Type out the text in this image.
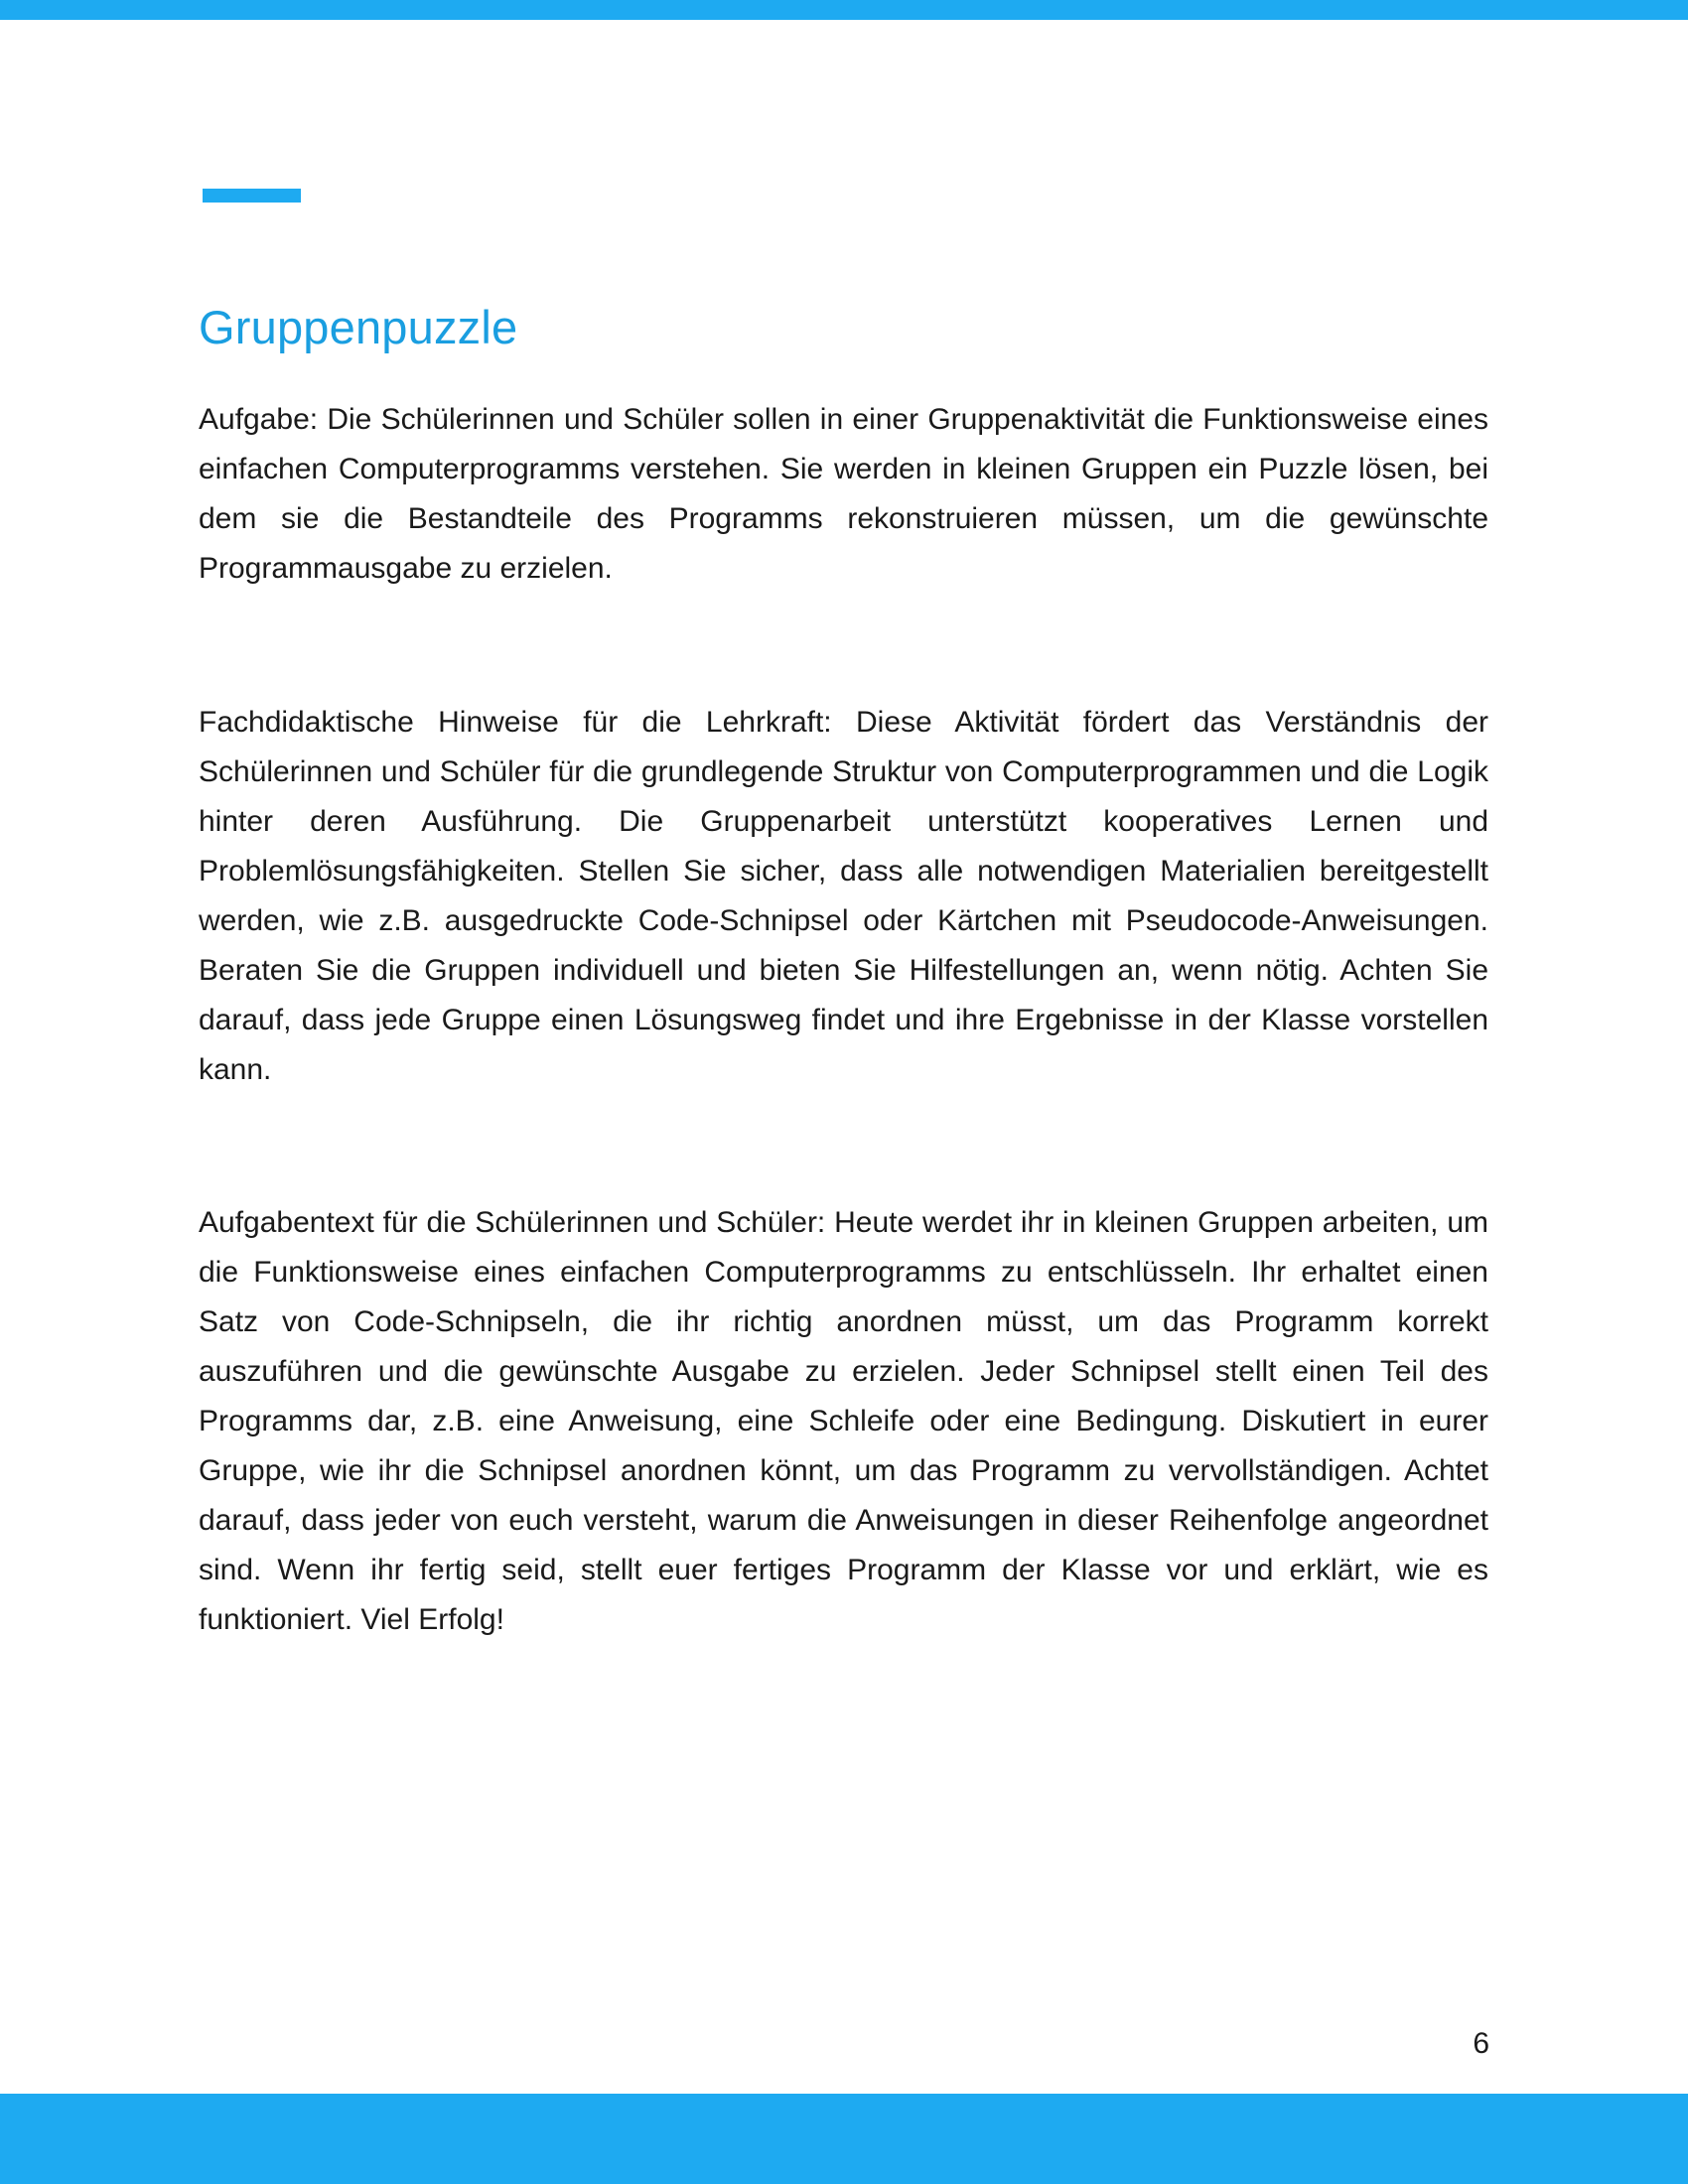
Gruppenpuzzle

Aufgabe: Die Schülerinnen und Schüler sollen in einer Gruppenaktivität die Funktionsweise eines einfachen Computerprogramms verstehen. Sie werden in kleinen Gruppen ein Puzzle lösen, bei dem sie die Bestandteile des Programms rekonstruieren müssen, um die gewünschte Programmausgabe zu erzielen.

Fachdidaktische Hinweise für die Lehrkraft: Diese Aktivität fördert das Verständnis der Schülerinnen und Schüler für die grundlegende Struktur von Computerprogrammen und die Logik hinter deren Ausführung. Die Gruppenarbeit unterstützt kooperatives Lernen und Problemlösungsfähigkeiten. Stellen Sie sicher, dass alle notwendigen Materialien bereitgestellt werden, wie z.B. ausgedruckte Code-Schnipsel oder Kärtchen mit Pseudocode-Anweisungen. Beraten Sie die Gruppen individuell und bieten Sie Hilfestellungen an, wenn nötig. Achten Sie darauf, dass jede Gruppe einen Lösungsweg findet und ihre Ergebnisse in der Klasse vorstellen kann.

Aufgabentext für die Schülerinnen und Schüler: Heute werdet ihr in kleinen Gruppen arbeiten, um die Funktionsweise eines einfachen Computerprogramms zu entschlüsseln. Ihr erhaltet einen Satz von Code-Schnipseln, die ihr richtig anordnen müsst, um das Programm korrekt auszuführen und die gewünschte Ausgabe zu erzielen. Jeder Schnipsel stellt einen Teil des Programms dar, z.B. eine Anweisung, eine Schleife oder eine Bedingung. Diskutiert in eurer Gruppe, wie ihr die Schnipsel anordnen könnt, um das Programm zu vervollständigen. Achtet darauf, dass jeder von euch versteht, warum die Anweisungen in dieser Reihenfolge angeordnet sind. Wenn ihr fertig seid, stellt euer fertiges Programm der Klasse vor und erklärt, wie es funktioniert. Viel Erfolg!

6
